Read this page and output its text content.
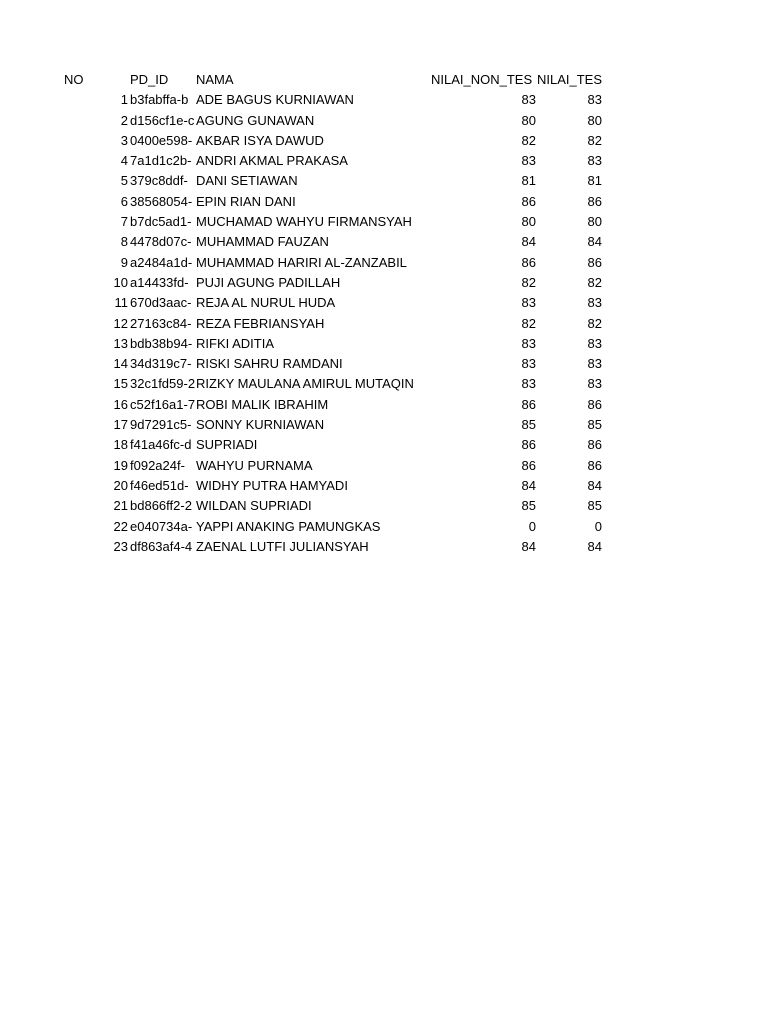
NO	PD_ID	NAMA	NILAI_NON_TES NILAI_TES
1 b3fabffa-b ADE BAGUS KURNIAWAN	83	83
2 d156cf1e-c AGUNG GUNAWAN	80	80
3 0400e598- AKBAR ISYA DAWUD	82	82
4 7a1d1c2b- ANDRI AKMAL PRAKASA	83	83
5 379c8ddf- DANI SETIAWAN	81	81
6 38568054- EPIN RIAN DANI	86	86
7 b7dc5ad1- MUCHAMAD WAHYU FIRMANSYAH	80	80
8 4478d07c- MUHAMMAD FAUZAN	84	84
9 a2484a1d- MUHAMMAD HARIRI AL-ZANZABIL	86	86
10 a14433fd- PUJI AGUNG PADILLAH	82	82
11 670d3aac- REJA AL NURUL HUDA	83	83
12 27163c84- REZA FEBRIANSYAH	82	82
13 bdb38b94- RIFKI ADITIA	83	83
14 34d319c7- RISKI SAHRU RAMDANI	83	83
15 32c1fd59-2 RIZKY MAULANA AMIRUL MUTAQIN	83	83
16 c52f16a1-7 ROBI MALIK IBRAHIM	86	86
17 9d7291c5- SONNY KURNIAWAN	85	85
18 f41a46fc-d SUPRIADI	86	86
19 f092a24f- WAHYU PURNAMA	86	86
20 f46ed51d- WIDHY PUTRA HAMYADI	84	84
21 bd866ff2-2 WILDAN SUPRIADI	85	85
22 e040734a- YAPPI ANAKING PAMUNGKAS	0	0
23 df863af4-4 ZAENAL LUTFI JULIANSYAH	84	84
